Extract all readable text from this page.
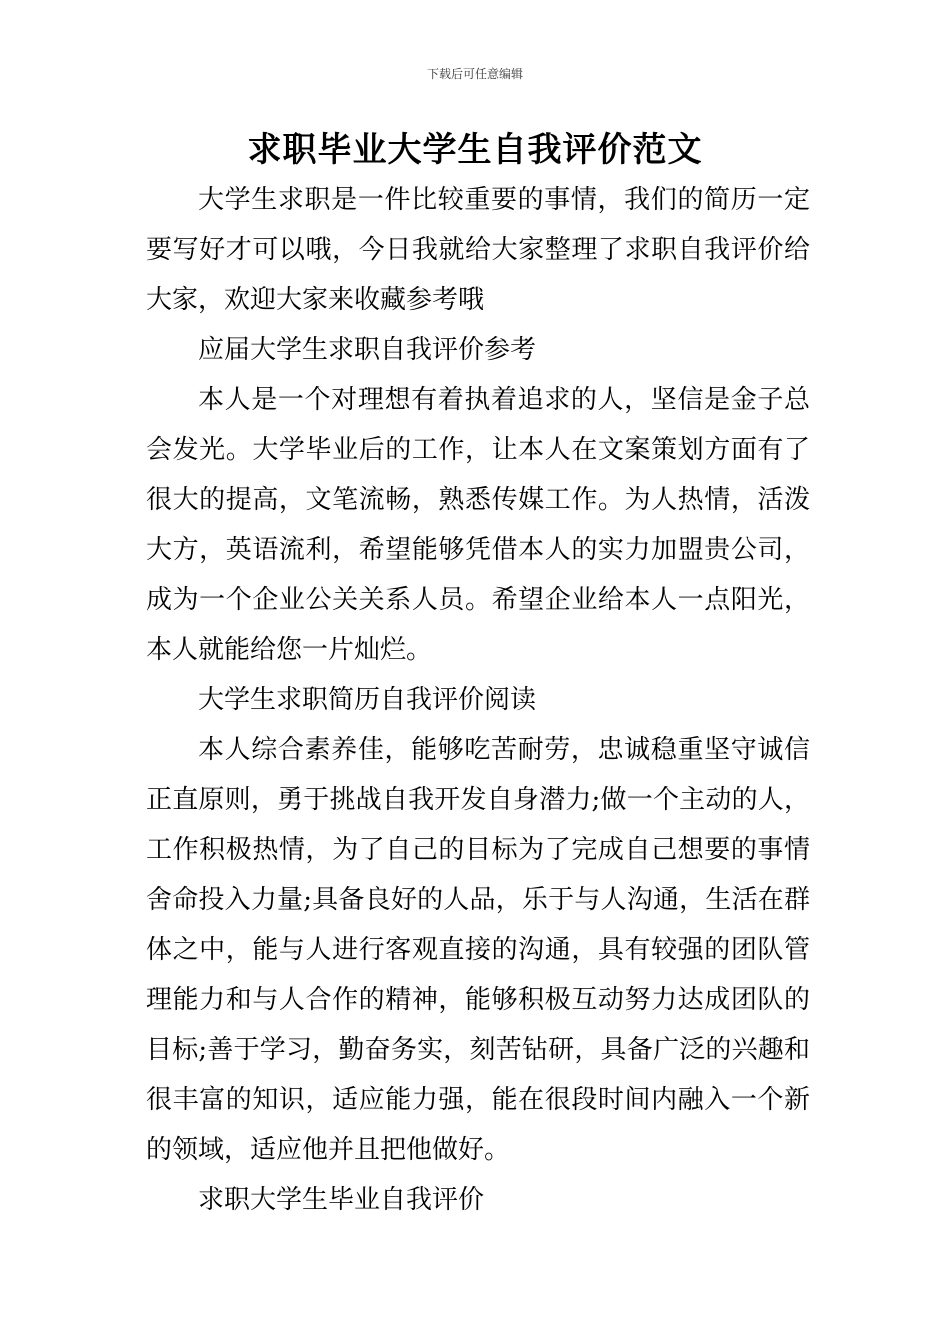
下载后可任意编辑
求职毕业大学生自我评价范文

大学生求职是一件比较重要的事情，我们的简历一定要写好才可以哦，今日我就给大家整理了求职自我评价给大家，欢迎大家来收藏参考哦

应届大学生求职自我评价参考

本人是一个对理想有着执着追求的人，坚信是金子总会发光。大学毕业后的工作，让本人在文案策划方面有了很大的提高，文笔流畅，熟悉传媒工作。为人热情，活泼大方，英语流利，希望能够凭借本人的实力加盟贵公司，成为一个企业公关关系人员。希望企业给本人一点阳光，本人就能给您一片灿烂。

大学生求职简历自我评价阅读

本人综合素养佳，能够吃苦耐劳，忠诚稳重坚守诚信正直原则，勇于挑战自我开发自身潜力;做一个主动的人，工作积极热情，为了自己的目标为了完成自己想要的事情舍命投入力量;具备良好的人品，乐于与人沟通，生活在群体之中，能与人进行客观直接的沟通，具有较强的团队管理能力和与人合作的精神，能够积极互动努力达成团队的目标;善于学习，勤奋务实，刻苦钻研，具备广泛的兴趣和很丰富的知识，适应能力强，能在很段时间内融入一个新的领域，适应他并且把他做好。

求职大学生毕业自我评价
